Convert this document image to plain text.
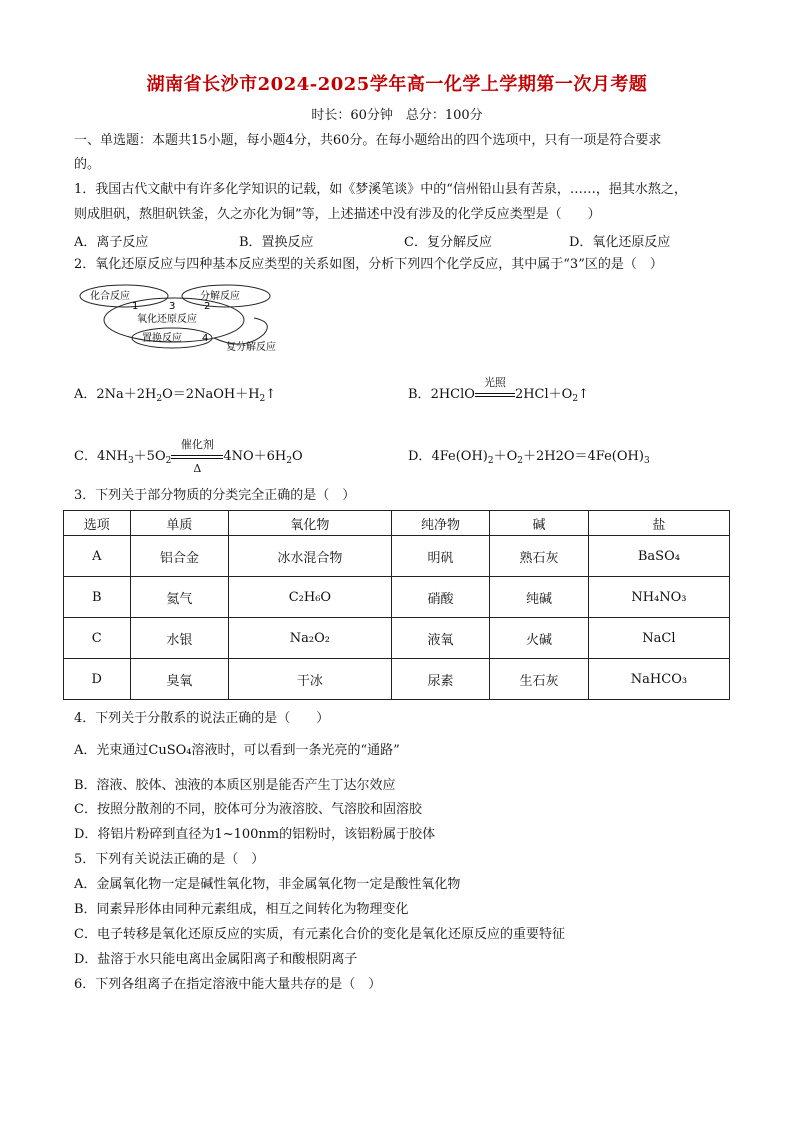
湖南省长沙市2024-2025学年高一化学上学期第一次月考题
时长：60分钟　总分：100分
一、单选题：本题共15小题，每小题4分，共60分。在每小题给出的四个选项中，只有一项是符合要求
的。
1．我国古代文献中有许多化学知识的记载，如《梦溪笔谈》中的“信州铅山县有苦泉，……，挹其水熬之，
则成胆矾，熬胆矾铁釜，久之亦化为铜”等，上述描述中没有涉及的化学反应类型是（　　）
A．离子反应	B．置换反应	C．复分解反应	D．氧化还原反应
2．氧化还原反应与四种基本反应类型的关系如图，分析下列四个化学反应，其中属于“3”区的是（　）
化合反应	分解反应
氧化还原反应
置换反应
复分解反应
1	2
3
4
A．$2Na+2H_2O=2NaOH+H_2↑$	B．2HClO
光照
$2HCl+O_2↑$
C．$4NH_3+5O_2$
催化剂
Δ
$4NO+6H_2O$	D．$4Fe(OH)_2+O_2+2H2O=4Fe(OH)_3$
3．下列关于部分物质的分类完全正确的是（　）
选项	单质	氧化物	纯净物	碱	盐
A	铝合金	冰水混合物	明矾	熟石灰	BaSO₄
B	氦气	C₂H₆O	硝酸	纯碱	NH₄NO₃
C	水银	Na₂O₂	液氧	火碱	NaCl
D	臭氧	干冰	尿素	生石灰	NaHCO₃
4．下列关于分散系的说法正确的是（　　）
A．光束通过CuSO₄溶液时，可以看到一条光亮的“通路”
B．溶液、胶体、浊液的本质区别是能否产生丁达尔效应
C．按照分散剂的不同，胶体可分为液溶胶、气溶胶和固溶胶
D．将铝片粉碎到直径为1~100nm的铝粉时，该铝粉属于胶体
5．下列有关说法正确的是（　）
A．金属氧化物一定是碱性氧化物，非金属氧化物一定是酸性氧化物
B．同素异形体由同种元素组成，相互之间转化为物理变化
C．电子转移是氧化还原反应的实质，有元素化合价的变化是氧化还原反应的重要特征
D．盐溶于水只能电离出金属阳离子和酸根阴离子
6．下列各组离子在指定溶液中能大量共存的是（　）
